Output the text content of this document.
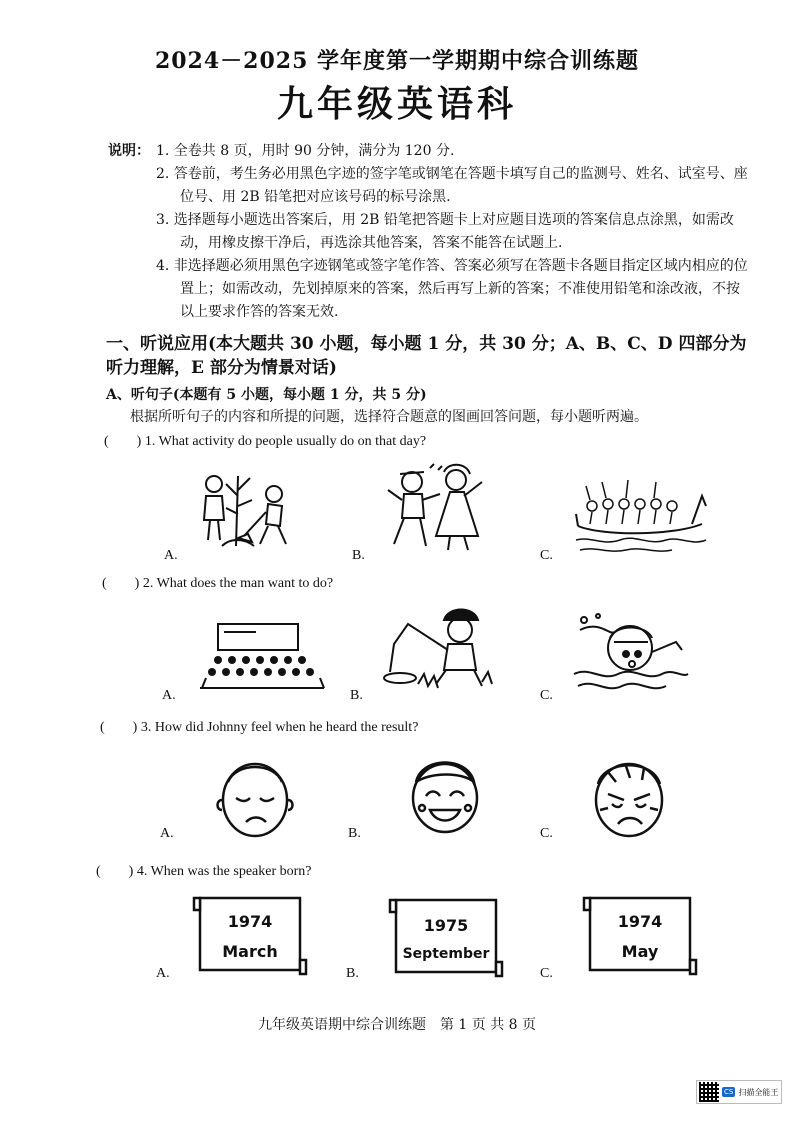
2024－2025 学年度第一学期期中综合训练题
九年级英语科
说明： 1. 全卷共 8 页，用时 90 分钟，满分为 120 分.
2. 答卷前，考生务必用黑色字迹的签字笔或钢笔在答题卡填写自己的监测号、姓名、试室号、座位号、用 2B 铅笔把对应该号码的标号涂黑.
3. 选择题每小题选出答案后，用 2B 铅笔把答题卡上对应题目选项的答案信息点涂黑，如需改动，用橡皮擦干净后，再选涂其他答案，答案不能答在试题上.
4. 非选择题必须用黑色字迹钢笔或签字笔作答、答案必须写在答题卡各题目指定区域内相应的位置上；如需改动，先划掉原来的答案，然后再写上新的答案；不准使用铅笔和涂改液，不按以上要求作答的答案无效.
一、听说应用(本大题共 30 小题，每小题 1 分，共 30 分；A、B、C、D 四部分为听力理解，E 部分为情景对话)
A、听句子(本题有 5 小题，每小题 1 分，共 5 分)
根据所听句子的内容和所提的问题，选择符合题意的图画回答问题，每小题听两遍。
(　　) 1. What activity do people usually do on that day?
A.	B.	C.
(　　) 2. What does the man want to do?
A.	B.	C.
(　　) 3. How did Johnny feel when he heard the result?
A.	B.	C.
(　　) 4. When was the speaker born?
1974
March
1975
September
1974
May
A.	B.	C.
九年级英语期中综合训练题　第 1 页 共 8 页
CS 扫描全能王
